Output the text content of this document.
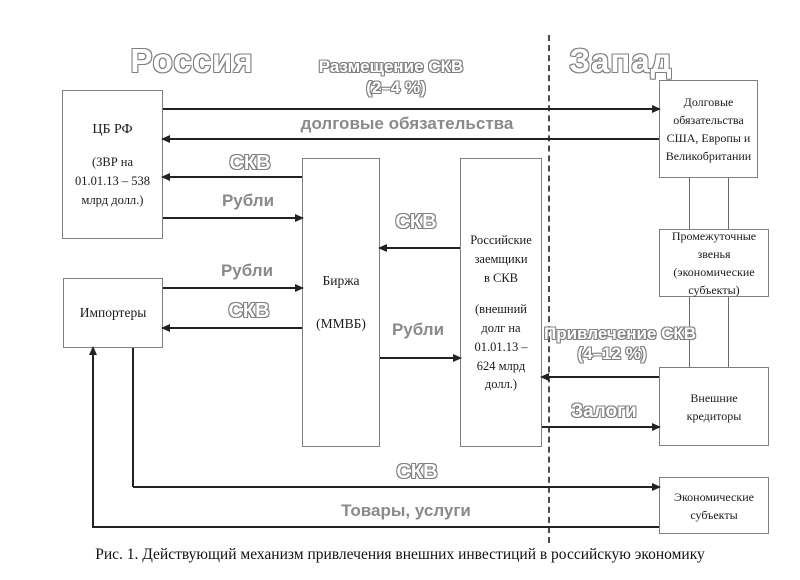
Россия	Запад
ЦБ РФ
(ЗВР на 01.01.13 – 538 млрд долл.)
Импортеры
Биржа
(ММВБ)
Российские заемщики в СКВ
(внешний долг на 01.01.13 – 624 млрд долл.)
Долговые обязательства США, Европы и Великобритании
Промежуточные звенья (экономические субъекты)
Внешние кредиторы
Экономические субъекты
Размещение СКВ
(2–4 %)
долговые обязательства
СКВ
Рубли
Рубли
СКВ
СКВ
Рубли	Привлечение СКВ
(4–12 %)
Залоги
СКВ
Товары, услуги
Рис. 1. Действующий механизм привлечения внешних инвестиций в российскую экономику
